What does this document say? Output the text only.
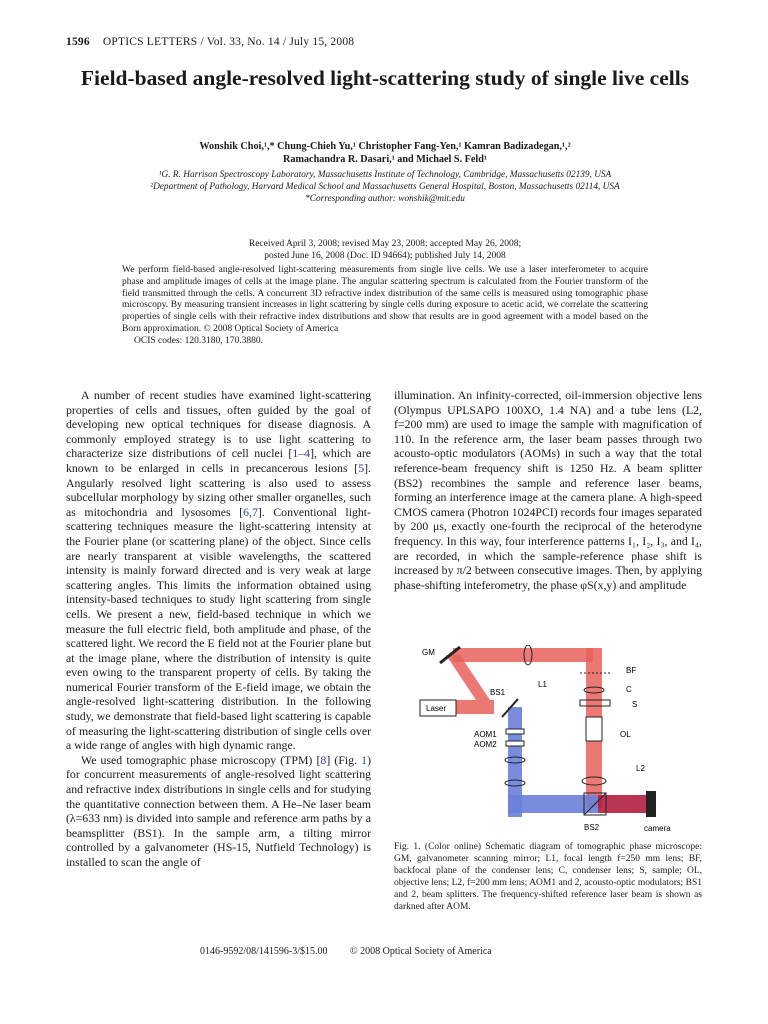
1596 OPTICS LETTERS / Vol. 33, No. 14 / July 15, 2008
Field-based angle-resolved light-scattering study of single live cells
Wonshik Choi,¹,* Chung-Chieh Yu,¹ Christopher Fang-Yen,¹ Kamran Badizadegan,¹,²
Ramachandra R. Dasari,¹ and Michael S. Feld¹
¹G. R. Harrison Spectroscopy Laboratory, Massachusetts Institute of Technology, Cambridge, Massachusetts 02139, USA
²Department of Pathology, Harvard Medical School and Massachusetts General Hospital, Boston, Massachusetts 02114, USA
*Corresponding author: wonshik@mit.edu
Received April 3, 2008; revised May 23, 2008; accepted May 26, 2008;
posted June 16, 2008 (Doc. ID 94664); published July 14, 2008
We perform field-based angle-resolved light-scattering measurements from single live cells. We use a laser interferometer to acquire phase and amplitude images of cells at the image plane. The angular scattering spectrum is calculated from the Fourier transform of the field transmitted through the cells. A concurrent 3D refractive index distribution of the same cells is measured using tomographic phase microscopy. By measuring transient increases in light scattering by single cells during exposure to acetic acid, we correlate the scattering properties of single cells with their refractive index distributions and show that results are in good agreement with a model based on the Born approximation. © 2008 Optical Society of America
OCIS codes: 120.3180, 170.3880.

A number of recent studies have examined light-scattering properties of cells and tissues, often guided by the goal of developing new optical techniques for disease diagnosis. A commonly employed strategy is to use light scattering to characterize size distributions of cell nuclei [1–4], which are known to be enlarged in cells in precancerous lesions [5]. Angularly resolved light scattering is also used to assess subcellular morphology by sizing other smaller organelles, such as mitochondria and lysosomes [6,7]. Conventional light-scattering techniques measure the light-scattering intensity at the Fourier plane (or scattering plane) of the object. Since cells are nearly transparent at visible wavelengths, the scattered intensity is mainly forward directed and is very weak at large scattering angles. This limits the information obtained using intensity-based techniques to study light scattering from single cells. We present a new, field-based technique in which we measure the full electric field, both amplitude and phase, of the scattered light. We record the E field not at the Fourier plane but at the image plane, where the distribution of intensity is quite even owing to the transparent property of cells. By taking the numerical Fourier transform of the E-field image, we obtain the angle-resolved light-scattering distribution. In the following study, we demonstrate that field-based light scattering is capable of measuring the light-scattering distribution of single cells over a wide range of angles with high dynamic range.

We used tomographic phase microscopy (TPM) [8] (Fig. 1) for concurrent measurements of angle-resolved light scattering and refractive index distributions in single cells and for studying the quantitative connection between them. A He–Ne laser beam (λ=633 nm) is divided into sample and reference arm paths by a beamsplitter (BS1). In the sample arm, a tilting mirror controlled by a galvanometer (HS-15, Nutfield Technology) is installed to scan the angle of

illumination. An infinity-corrected, oil-immersion objective lens (Olympus UPLSAPO 100XO, 1.4 NA) and a tube lens (L2, f=200 mm) are used to image the sample with magnification of 110. In the reference arm, the laser beam passes through two acousto-optic modulators (AOMs) in such a way that the total reference-beam frequency shift is 1250 Hz. A beam splitter (BS2) recombines the sample and reference laser beams, forming an interference image at the camera plane. A high-speed CMOS camera (Photron 1024PCI) records four images separated by 200 μs, exactly one-fourth the reciprocal of the heterodyne frequency. In this way, four interference patterns I₁, I₂, I₃, and I₄, are recorded, in which the sample-reference phase shift is increased by π/2 between consecutive images. Then, by applying phase-shifting inteferometry, the phase φS(x,y) and amplitude
GM
L1
BF
C
S
OL
L2
Laser
BS1
AOM1
AOM2
BS2	camera
Fig. 1. (Color online) Schematic diagram of tomographic phase microscope: GM, galvanometer scanning mirror; L1, focal length f=250 mm lens; BF, backfocal plane of the condenser lens; C, condenser lens; S, sample; OL, objective lens; L2, f=200 mm lens; AOM1 and 2, acousto-optic modulators; BS1 and 2, beam splitters. The frequency-shifted reference laser beam is shown as darkned after AOM.
0146-9592/08/141596-3/$15.00 © 2008 Optical Society of America
